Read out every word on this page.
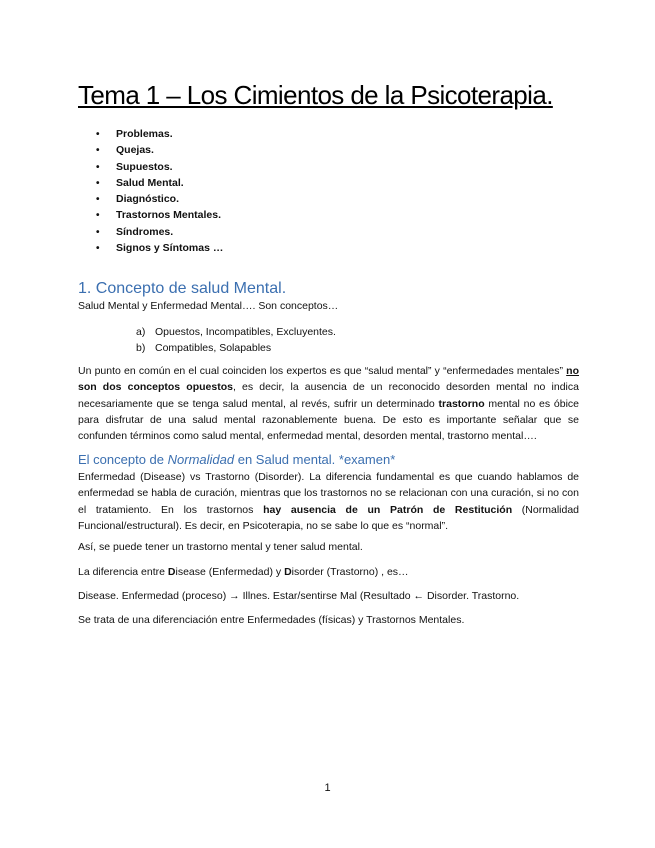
Tema 1 – Los Cimientos de la Psicoterapia.
• Problemas.
• Quejas.
• Supuestos.
• Salud Mental.
• Diagnóstico.
• Trastornos Mentales.
• Síndromes.
• Signos y Síntomas …
1. Concepto de salud Mental.
Salud Mental y Enfermedad Mental…. Son conceptos…
a) Opuestos, Incompatibles, Excluyentes.
b) Compatibles, Solapables
Un punto en común en el cual coinciden los expertos es que “salud mental” y “enfermedades mentales” no son dos conceptos opuestos, es decir, la ausencia de un reconocido desorden mental no indica necesariamente que se tenga salud mental, al revés, sufrir un determinado trastorno mental no es óbice para disfrutar de una salud mental razonablemente buena. De esto es importante señalar que se confunden términos como salud mental, enfermedad mental, desorden mental, trastorno mental….
El concepto de Normalidad en Salud mental. *examen*
Enfermedad (Disease) vs Trastorno (Disorder). La diferencia fundamental es que cuando hablamos de enfermedad se habla de curación, mientras que los trastornos no se relacionan con una curación, si no con el tratamiento. En los trastornos hay ausencia de un Patrón de Restitución (Normalidad Funcional/estructural). Es decir, en Psicoterapia, no se sabe lo que es “normal”.
Así, se puede tener un trastorno mental y tener salud mental.
La diferencia entre Disease (Enfermedad) y Disorder (Trastorno) , es…
Disease. Enfermedad (proceso) → Illnes. Estar/sentirse Mal (Resultado ← Disorder. Trastorno.
Se trata de una diferenciación entre Enfermedades (físicas) y Trastornos Mentales.
1
